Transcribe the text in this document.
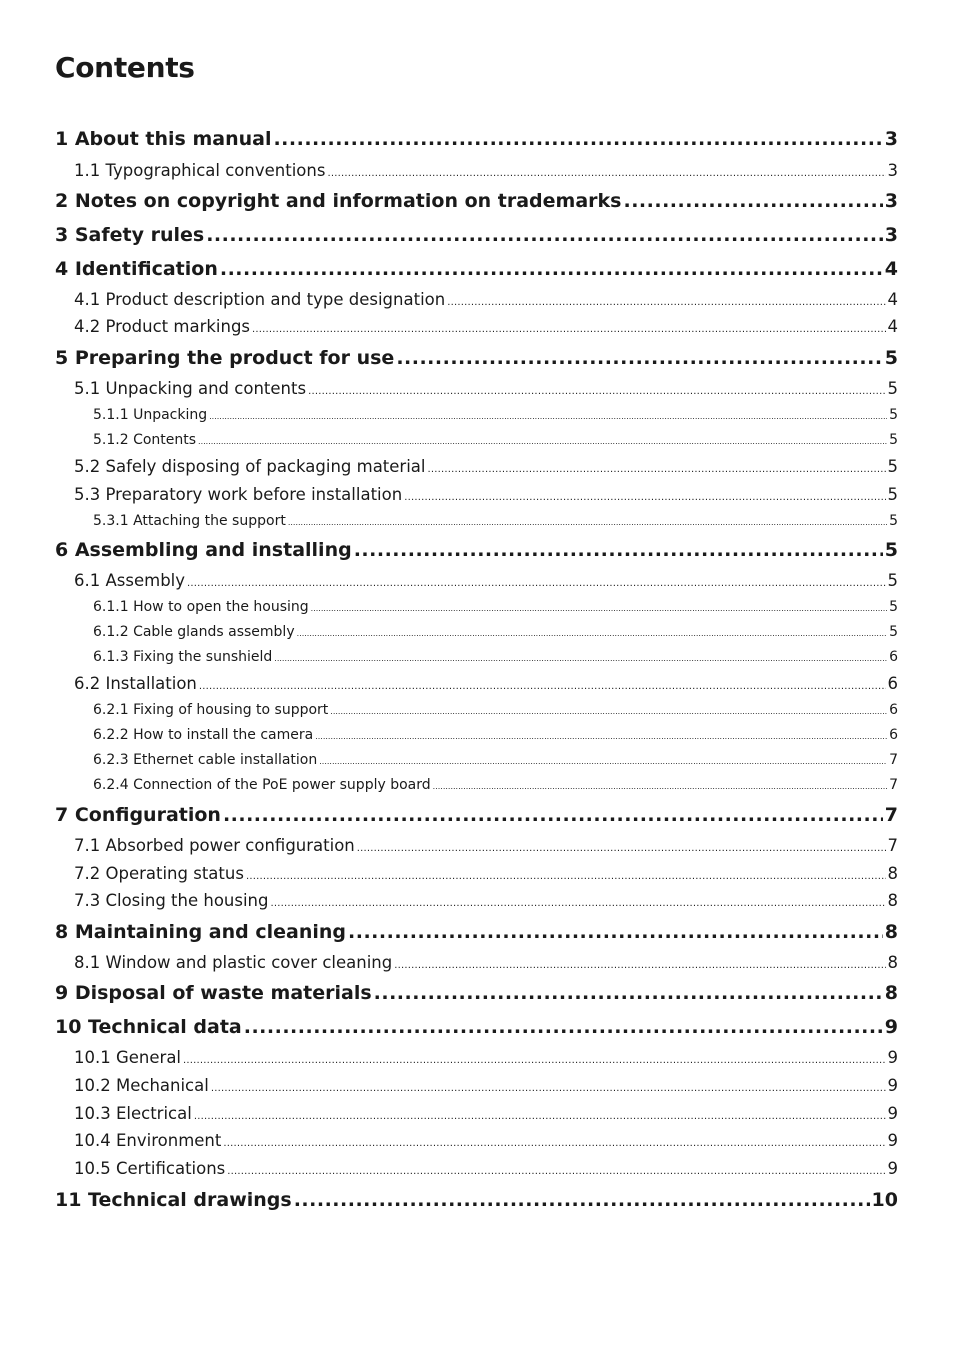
Contents
1 About this manual .....	3
1.1 Typographical conventions .....	3
2 Notes on copyright and information on trademarks .....	3
3 Safety rules .....	3
4 Identification .....	4
4.1 Product description and type designation .....	4
4.2 Product markings .....	4
5 Preparing the product for use .....	5
5.1 Unpacking and contents .....	5
5.1.1 Unpacking .....	5
5.1.2 Contents .....	5
5.2 Safely disposing of packaging material .....	5
5.3 Preparatory work before installation .....	5
5.3.1 Attaching the support .....	5
6 Assembling and installing .....	5
6.1 Assembly .....	5
6.1.1 How to open the housing .....	5
6.1.2 Cable glands assembly .....	5
6.1.3 Fixing the sunshield .....	6
6.2 Installation .....	6
6.2.1 Fixing of housing to support .....	6
6.2.2 How to install the camera .....	6
6.2.3 Ethernet cable installation .....	7
6.2.4 Connection of the PoE power supply board .....	7
7 Configuration .....	7
7.1 Absorbed power configuration .....	7
7.2 Operating status .....	8
7.3 Closing the housing .....	8
8 Maintaining and cleaning .....	8
8.1 Window and plastic cover cleaning .....	8
9 Disposal of waste materials .....	8
10 Technical data .....	9
10.1 General .....	9
10.2 Mechanical .....	9
10.3 Electrical .....	9
10.4 Environment .....	9
10.5 Certifications .....	9
11 Technical drawings .....	10
